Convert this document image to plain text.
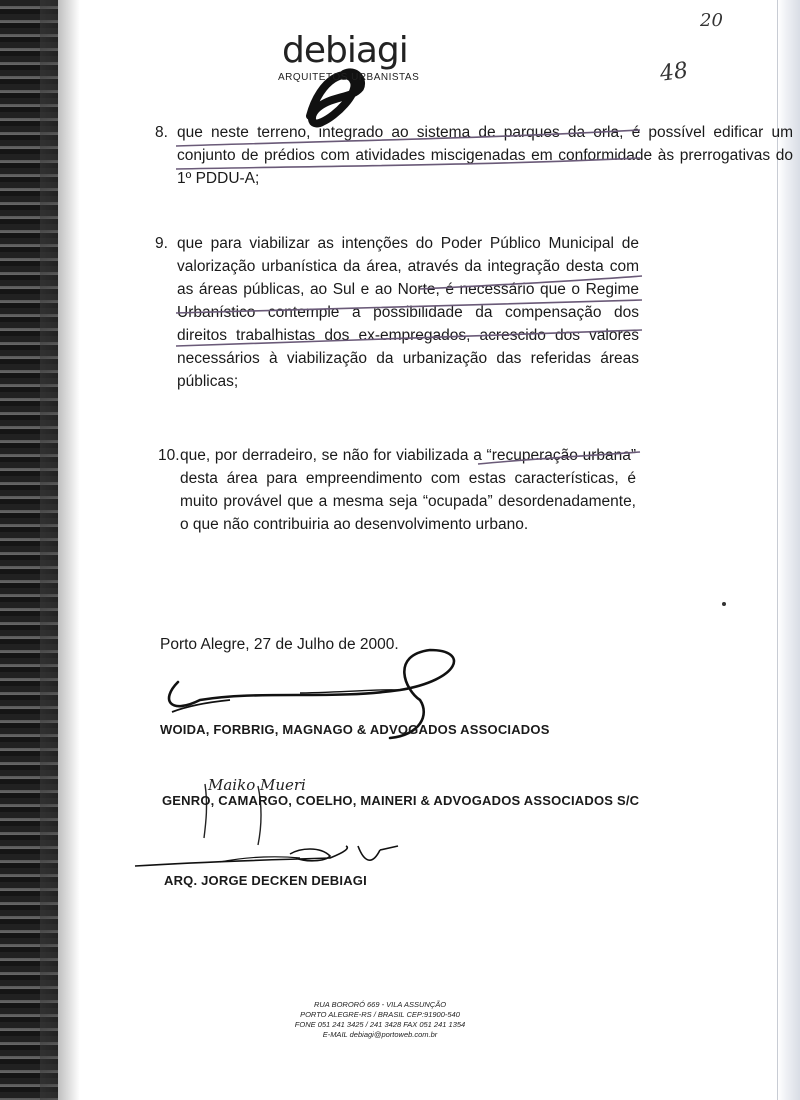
20
48
debiagi
ARQUITETOS URBANISTAS
8. que neste terreno, integrado ao sistema de parques da orla, é possível edificar um conjunto de prédios com atividades miscigenadas em conformidade às prerrogativas do 1º PDDU-A;
9. que para viabilizar as intenções do Poder Público Municipal de valorização urbanística da área, através da integração desta com as áreas públicas, ao Sul e ao Norte, é necessário que o Regime Urbanístico contemple a possibilidade da compensação dos direitos trabalhistas dos ex-empregados, acrescido dos valores necessários à viabilização da urbanização das referidas áreas públicas;
10. que, por derradeiro, se não for viabilizada a “recuperação urbana” desta área para empreendimento com estas características, é muito provável que a mesma seja “ocupada” desordenadamente, o que não contribuiria ao desenvolvimento urbano.
Porto Alegre, 27 de Julho de 2000.
Maiko Mueri
WOIDA, FORBRIG, MAGNAGO & ADVOGADOS ASSOCIADOS
GENRO, CAMARGO, COELHO, MAINERI & ADVOGADOS ASSOCIADOS S/C
ARQ. JORGE DECKEN DEBIAGI
RUA BORORÓ 669 - VILA ASSUNÇÃO
PORTO ALEGRE-RS / BRASIL CEP:91900-540
FONE 051 241 3425 / 241 3428 FAX 051 241 1354
E-MAIL debiagi@portoweb.com.br
